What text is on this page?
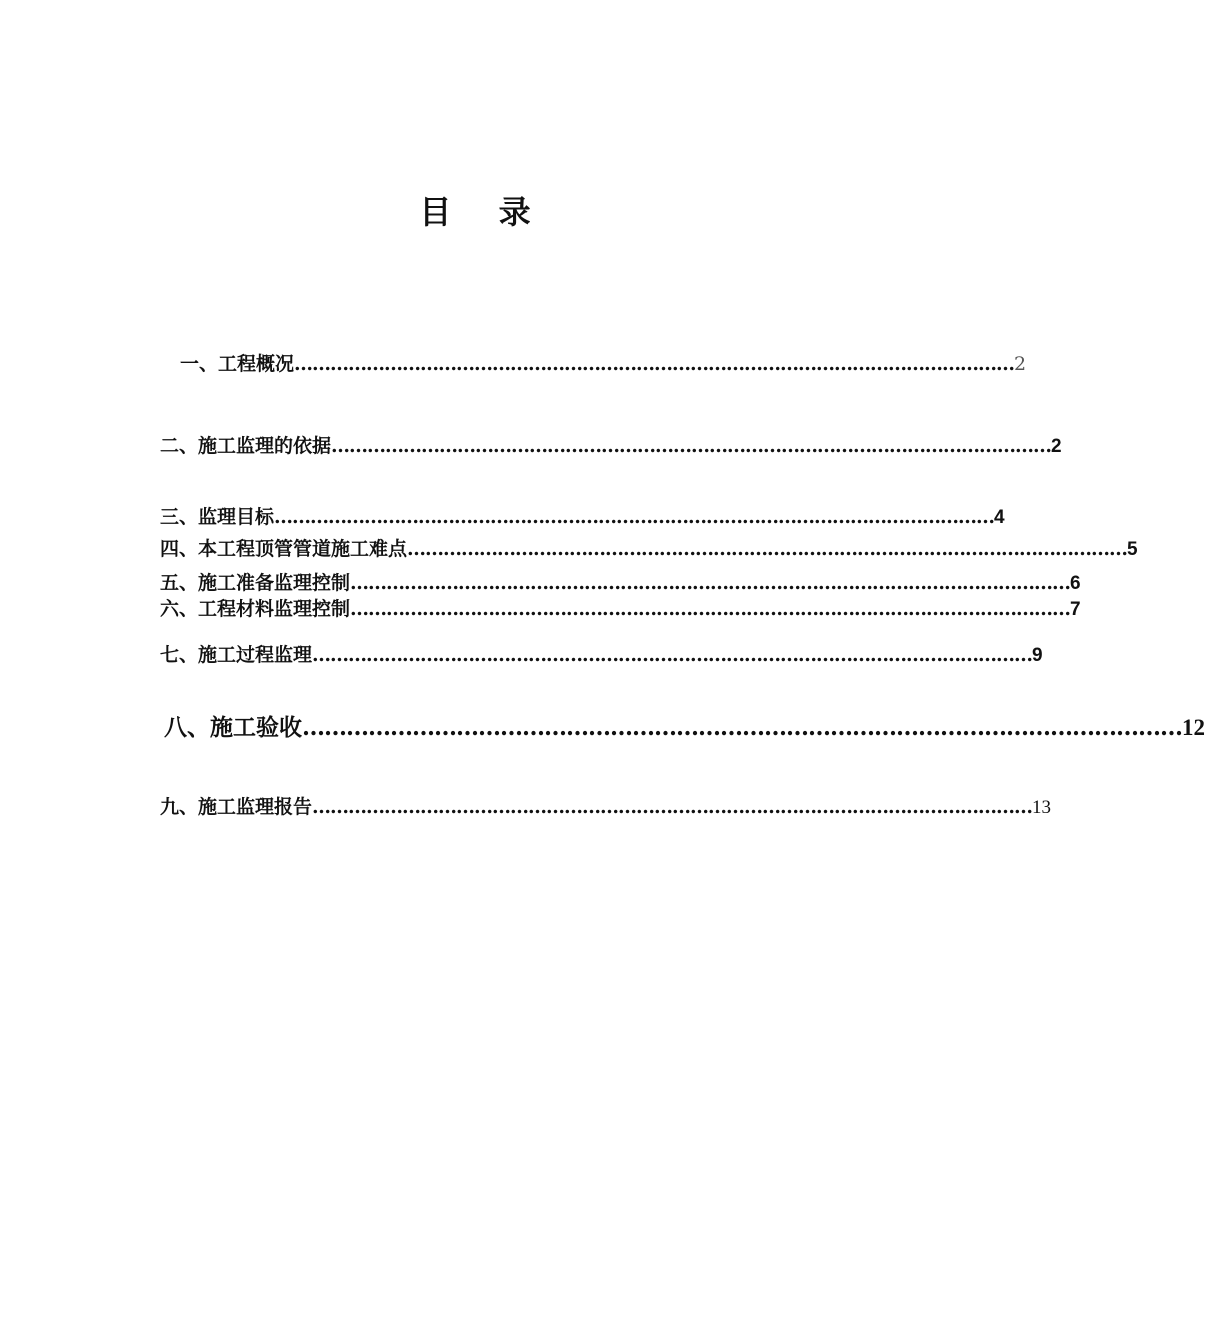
目 录
一、工程概况 ………………………………………………………………………………………………………… 2
二、施工监理的依据 ………………………………………………………………………………………………………… 2
三、监理目标 ………………………………………………………………………………………………………… 4
四、本工程顶管管道施工难点 ………………………………………………………………………………………………………… 5
五、施工准备监理控制 ………………………………………………………………………………………………………… 6
六、工程材料监理控制 ………………………………………………………………………………………………………… 7
七、施工过程监理 ………………………………………………………………………………………………………… 9
八、施工验收 ………………………………………………………………………………………………………… 12
九、施工监理报告 ………………………………………………………………………………………………………… 13
